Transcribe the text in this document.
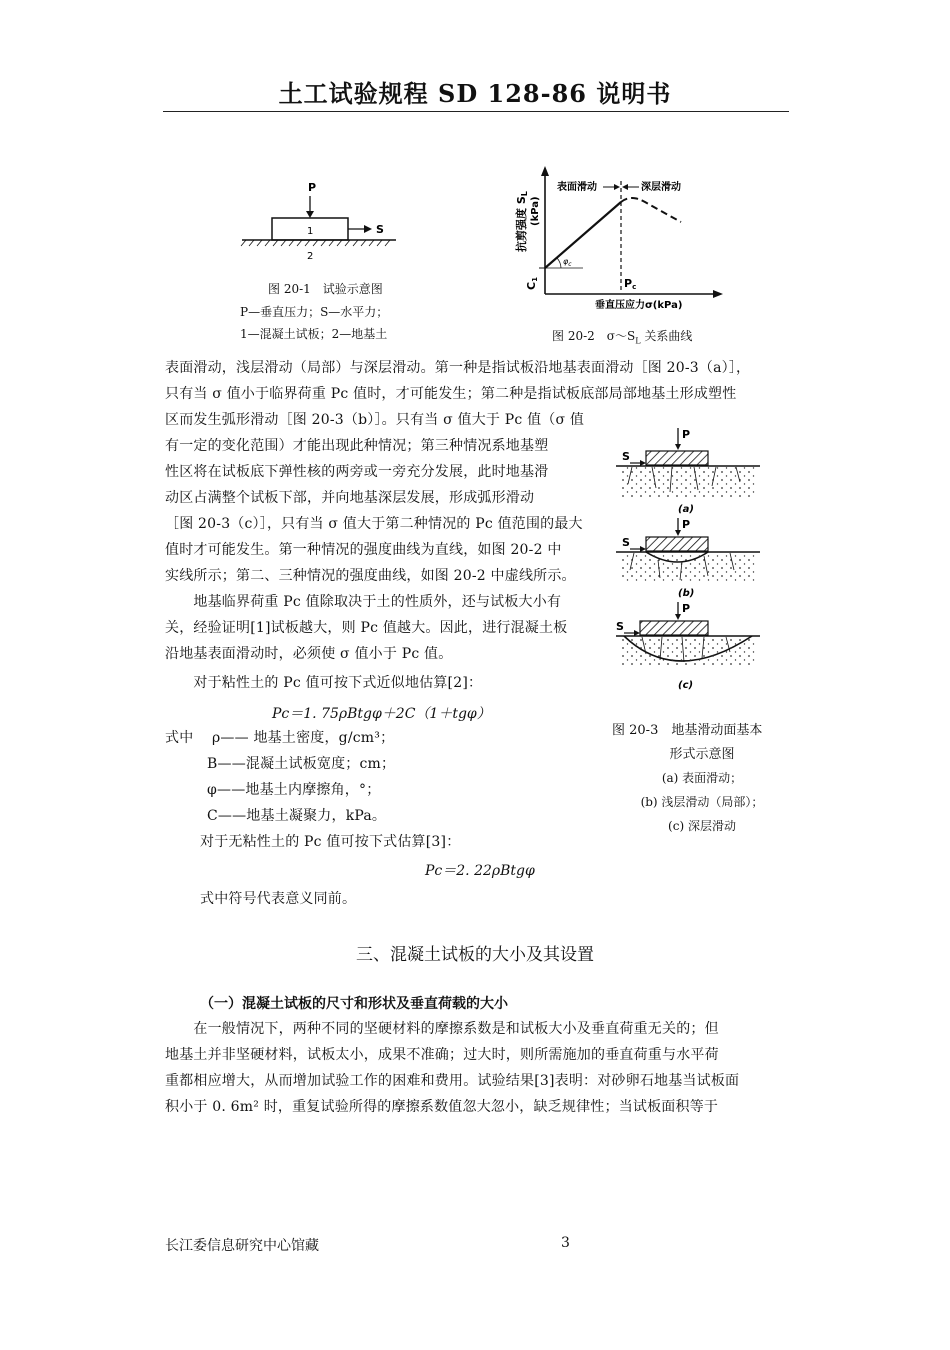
土工试验规程 SD 128-86 说明书
P
1	S
2
图 20-1　试验示意图
P—垂直压力；S—水平力；
1—混凝土试板；2—地基土
抗剪强度 SL
(kPa)
表面滑动	深层滑动
$\varphi_c$
C1	Pc
垂直压应力σ(kPa)
图 20-2　$\sigma\sim S_L$ 关系曲线
P
S
(a)
P
S
(b)
P
S
(c)
图 20-3　地基滑动面基本
形式示意图
(a) 表面滑动；
(b) 浅层滑动（局部）；
(c) 深层滑动
表面滑动，浅层滑动（局部）与深层滑动。第一种是指试板沿地基表面滑动［图 20-3（a）］，
只有当 σ 值小于临界荷重 Pc 值时，才可能发生；第二种是指试板底部局部地基土形成塑性
区而发生弧形滑动［图 20-3（b）］。只有当 σ 值大于 Pc 值（σ 值
有一定的变化范围）才能出现此种情况；第三种情况系地基塑
性区将在试板底下弹性核的两旁或一旁充分发展，此时地基滑
动区占满整个试板下部，并向地基深层发展，形成弧形滑动
［图 20-3（c）］，只有当 σ 值大于第二种情况的 Pc 值范围的最大
值时才可能发生。第一种情况的强度曲线为直线，如图 20-2 中
实线所示；第二、三种情况的强度曲线，如图 20-2 中虚线所示。
　　地基临界荷重 Pc 值除取决于土的性质外，还与试板大小有
关，经验证明[1]试板越大，则 Pc 值越大。因此，进行混凝土板
沿地基表面滑动时，必须使 σ 值小于 Pc 值。
　　对于粘性土的 Pc 值可按下式近似地估算[2]：
Pc＝1. 75ρBtgφ＋2C（1＋tgφ）
式中 ρ—— 地基土密度，g/cm³；
B——混凝土试板宽度；cm；
φ——地基土内摩擦角，°；
C——地基土凝聚力，kPa。
对于无粘性土的 Pc 值可按下式估算[3]：
Pc＝2. 22ρBtgφ
式中符号代表意义同前。
三、混凝土试板的大小及其设置
（一）混凝土试板的尺寸和形状及垂直荷载的大小
　　在一般情况下，两种不同的坚硬材料的摩擦系数是和试板大小及垂直荷重无关的；但
地基土并非坚硬材料，试板太小，成果不准确；过大时，则所需施加的垂直荷重与水平荷
重都相应增大，从而增加试验工作的困难和费用。试验结果[3]表明：对砂卵石地基当试板面
积小于 0. 6m² 时，重复试验所得的摩擦系数值忽大忽小，缺乏规律性；当试板面积等于
长江委信息研究中心馆藏	3
